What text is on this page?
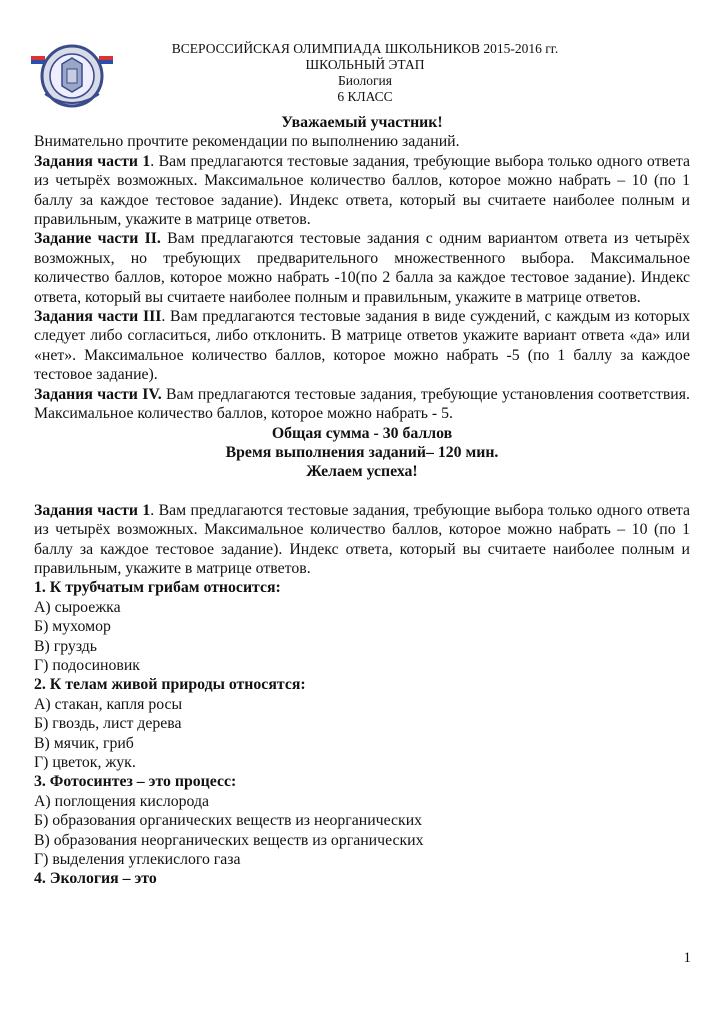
ВСЕРОССИЙСКАЯ ОЛИМПИАДА ШКОЛЬНИКОВ 2015-2016 гг.
ШКОЛЬНЫЙ ЭТАП
Биология
6 КЛАСС

Уважаемый участник!

Внимательно прочтите рекомендации по выполнению заданий.

Задания части 1. Вам предлагаются тестовые задания, требующие выбора только одного ответа из четырёх возможных. Максимальное количество баллов, которое можно набрать – 10 (по 1 баллу за каждое тестовое задание). Индекс ответа, который вы считаете наиболее полным и правильным, укажите в матрице ответов.

Задание части II. Вам предлагаются тестовые задания с одним вариантом ответа из четырёх возможных, но требующих предварительного множественного выбора. Максимальное количество баллов, которое можно набрать -10(по 2 балла за каждое тестовое задание). Индекс ответа, который вы считаете наиболее полным и правильным, укажите в матрице ответов.

Задания части III. Вам предлагаются тестовые задания в виде суждений, с каждым из которых следует либо согласиться, либо отклонить. В матрице ответов укажите вариант ответа «да» или «нет». Максимальное количество баллов, которое можно набрать -5 (по 1 баллу за каждое тестовое задание).

Задания части IV. Вам предлагаются тестовые задания, требующие установления соответствия. Максимальное количество баллов, которое можно набрать - 5.

Общая сумма - 30 баллов

Время выполнения заданий– 120 мин.

Желаем успеха!

Задания части 1. Вам предлагаются тестовые задания, требующие выбора только одного ответа из четырёх возможных. Максимальное количество баллов, которое можно набрать – 10 (по 1 баллу за каждое тестовое задание). Индекс ответа, который вы считаете наиболее полным и правильным, укажите в матрице ответов.

1. К трубчатым грибам относится:

А) сыроежка

Б) мухомор

В) груздь

Г) подосиновик

2. К телам живой природы относятся:

А) стакан, капля росы

Б) гвоздь, лист дерева

В) мячик, гриб

Г) цветок, жук.

3. Фотосинтез – это процесс:

А) поглощения кислорода

Б) образования органических веществ из неорганических

В) образования неорганических веществ из органических

Г) выделения углекислого газа

4. Экология – это

1
